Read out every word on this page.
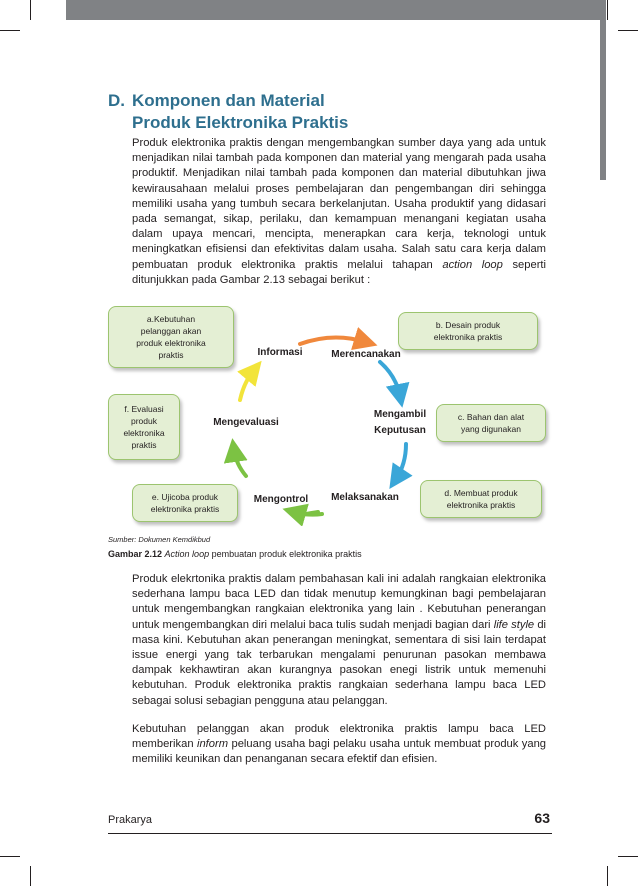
D. Komponen dan Material
Produk Elektronika Praktis
Produk elektronika praktis dengan mengembangkan sumber daya yang ada untuk menjadikan nilai tambah pada komponen dan material yang mengarah pada usaha produktif. Menjadikan nilai tambah pada komponen dan material dibutuhkan jiwa kewirausahaan melalui proses pembelajaran dan pengembangan diri sehingga memiliki usaha yang tumbuh secara berkelanjutan. Usaha produktif yang didasari pada semangat, sikap, perilaku, dan kemampuan menangani kegiatan usaha dalam upaya mencari, mencipta, menerapkan cara kerja, teknologi untuk meningkatkan efisiensi dan efektivitas dalam usaha. Salah satu cara kerja dalam pembuatan produk elektronika praktis melalui tahapan action loop seperti ditunjukkan pada Gambar 2.13 sebagai berikut :
a.Kebutuhan
pelanggan akan
produk elektronika
praktis
b. Desain produk
elektronika praktis
f. Evaluasi
produk
elektronika
praktis
c. Bahan dan alat
yang digunakan
d. Membuat produk
elektronika praktis
e. Ujicoba produk
elektronika praktis
Informasi	Merencanakan
Mengevaluasi
Mengambil
Keputusan
Mengontrol	Melaksanakan
Sumber: Dokumen Kemdikbud
Gambar 2.12 Action loop pembuatan produk elektronika praktis
Produk elekrtonika praktis dalam pembahasan kali ini adalah rangkaian elektronika sederhana lampu baca LED dan tidak menutup kemungkinan bagi pembelajaran untuk mengembangkan rangkaian elektronika yang lain . Kebutuhan penerangan untuk mengembangkan diri melalui baca tulis sudah menjadi bagian dari life style di masa kini. Kebutuhan akan penerangan meningkat, sementara di sisi lain terdapat issue energi yang tak terbarukan mengalami penurunan pasokan membawa dampak kekhawtiran akan kurangnya pasokan enegi listrik untuk memenuhi kebutuhan. Produk elektronika praktis rangkaian sederhana lampu baca LED sebagai solusi sebagian pengguna atau pelanggan.
Kebutuhan pelanggan akan produk elektronika praktis lampu baca LED memberikan inform peluang usaha bagi pelaku usaha untuk membuat produk yang memiliki keunikan dan penanganan secara efektif dan efisien.
Prakarya	63
